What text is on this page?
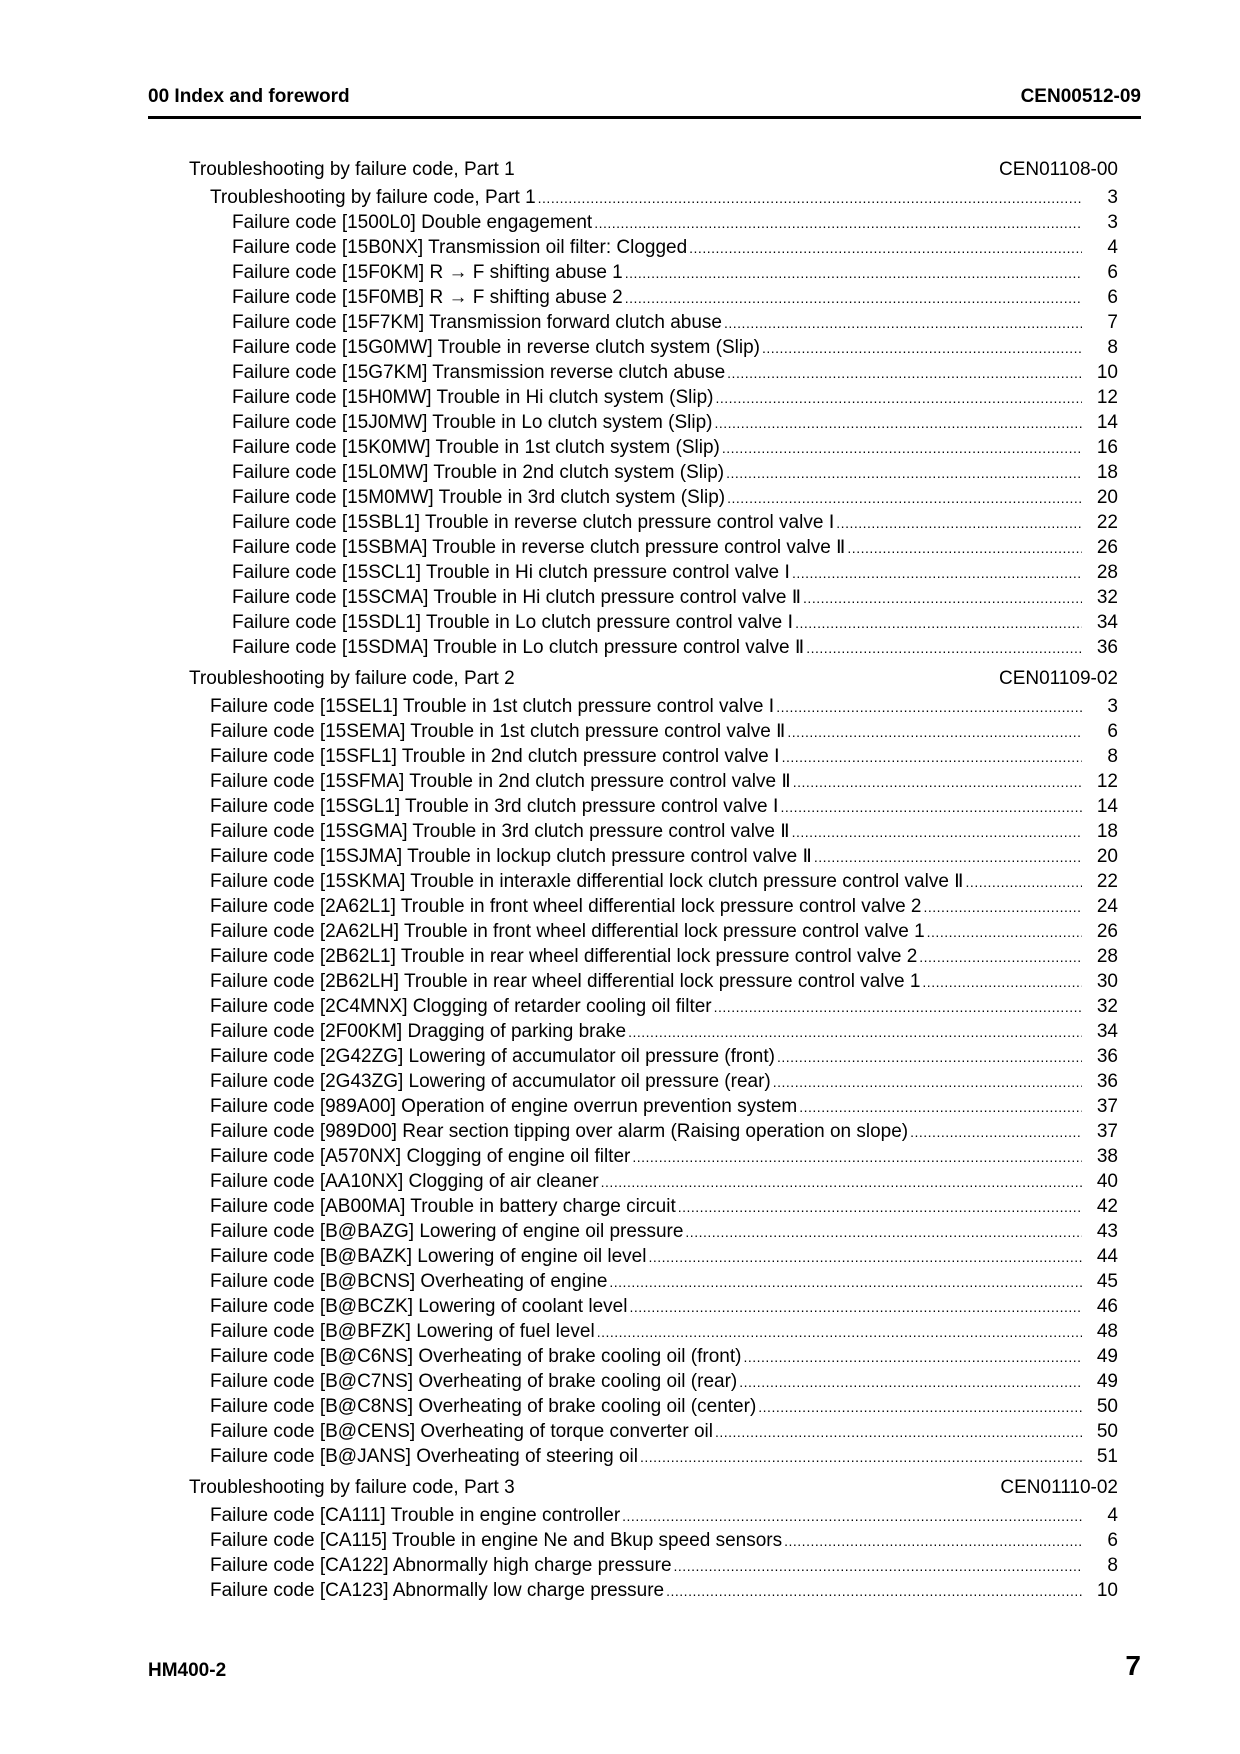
00 Index and foreword	CEN00512-09
Troubleshooting by failure code, Part 1	CEN01108-00
Troubleshooting by failure code, Part 1 .....	3
Failure code [1500L0] Double engagement .....	3
Failure code [15B0NX] Transmission oil filter: Clogged .....	4
Failure code [15F0KM] R → F shifting abuse 1 .....	6
Failure code [15F0MB] R → F shifting abuse 2 .....	6
Failure code [15F7KM] Transmission forward clutch abuse .....	7
Failure code [15G0MW] Trouble in reverse clutch system (Slip) .....	8
Failure code [15G7KM] Transmission reverse clutch abuse .....	10
Failure code [15H0MW] Trouble in Hi clutch system (Slip) .....	12
Failure code [15J0MW] Trouble in Lo clutch system (Slip) .....	14
Failure code [15K0MW] Trouble in 1st clutch system (Slip) .....	16
Failure code [15L0MW] Trouble in 2nd clutch system (Slip) .....	18
Failure code [15M0MW] Trouble in 3rd clutch system (Slip) .....	20
Failure code [15SBL1] Trouble in reverse clutch pressure control valve Ⅰ .....	22
Failure code [15SBMA] Trouble in reverse clutch pressure control valve Ⅱ .....	26
Failure code [15SCL1] Trouble in Hi clutch pressure control valve Ⅰ .....	28
Failure code [15SCMA] Trouble in Hi clutch pressure control valve Ⅱ .....	32
Failure code [15SDL1] Trouble in Lo clutch pressure control valve Ⅰ .....	34
Failure code [15SDMA] Trouble in Lo clutch pressure control valve Ⅱ .....	36
Troubleshooting by failure code, Part 2	CEN01109-02
Failure code [15SEL1] Trouble in 1st clutch pressure control valve Ⅰ .....	3
Failure code [15SEMA] Trouble in 1st clutch pressure control valve Ⅱ .....	6
Failure code [15SFL1] Trouble in 2nd clutch pressure control valve Ⅰ .....	8
Failure code [15SFMA] Trouble in 2nd clutch pressure control valve Ⅱ .....	12
Failure code [15SGL1] Trouble in 3rd clutch pressure control valve Ⅰ .....	14
Failure code [15SGMA] Trouble in 3rd clutch pressure control valve Ⅱ .....	18
Failure code [15SJMA] Trouble in lockup clutch pressure control valve Ⅱ .....	20
Failure code [15SKMA] Trouble in interaxle differential lock clutch pressure control valve Ⅱ .....	22
Failure code [2A62L1] Trouble in front wheel differential lock pressure control valve 2 .....	24
Failure code [2A62LH] Trouble in front wheel differential lock pressure control valve 1 .....	26
Failure code [2B62L1] Trouble in rear wheel differential lock pressure control valve 2 .....	28
Failure code [2B62LH] Trouble in rear wheel differential lock pressure control valve 1 .....	30
Failure code [2C4MNX] Clogging of retarder cooling oil filter .....	32
Failure code [2F00KM] Dragging of parking brake .....	34
Failure code [2G42ZG] Lowering of accumulator oil pressure (front) .....	36
Failure code [2G43ZG] Lowering of accumulator oil pressure (rear) .....	36
Failure code [989A00] Operation of engine overrun prevention system .....	37
Failure code [989D00] Rear section tipping over alarm (Raising operation on slope) .....	37
Failure code [A570NX] Clogging of engine oil filter .....	38
Failure code [AA10NX] Clogging of air cleaner .....	40
Failure code [AB00MA] Trouble in battery charge circuit .....	42
Failure code [B@BAZG] Lowering of engine oil pressure .....	43
Failure code [B@BAZK] Lowering of engine oil level .....	44
Failure code [B@BCNS] Overheating of engine .....	45
Failure code [B@BCZK] Lowering of coolant level .....	46
Failure code [B@BFZK] Lowering of fuel level .....	48
Failure code [B@C6NS] Overheating of brake cooling oil (front) .....	49
Failure code [B@C7NS] Overheating of brake cooling oil (rear) .....	49
Failure code [B@C8NS] Overheating of brake cooling oil (center) .....	50
Failure code [B@CENS] Overheating of torque converter oil .....	50
Failure code [B@JANS] Overheating of steering oil .....	51
Troubleshooting by failure code, Part 3	CEN01110-02
Failure code [CA111] Trouble in engine controller .....	4
Failure code [CA115] Trouble in engine Ne and Bkup speed sensors .....	6
Failure code [CA122] Abnormally high charge pressure .....	8
Failure code [CA123] Abnormally low charge pressure .....	10
HM400-2	7
